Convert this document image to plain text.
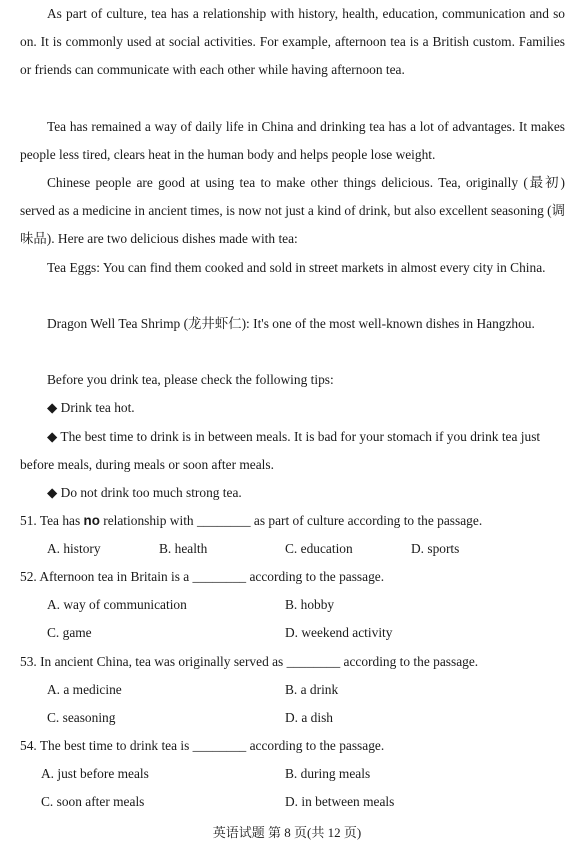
As part of culture, tea has a relationship with history, health, education, communication and so on. It is commonly used at social activities. For example, afternoon tea is a British custom. Families or friends can communicate with each other while having afternoon tea.

Tea has remained a way of daily life in China and drinking tea has a lot of advantages. It makes people less tired, clears heat in the human body and helps people lose weight.

Chinese people are good at using tea to make other things delicious. Tea, originally (最初) served as a medicine in ancient times, is now not just a kind of drink, but also excellent seasoning (调味品). Here are two delicious dishes made with tea:

Tea Eggs: You can find them cooked and sold in street markets in almost every city in China.

Dragon Well Tea Shrimp (龙井虾仁): It's one of the most well-known dishes in Hangzhou.

Before you drink tea, please check the following tips:

◆ Drink tea hot.

◆ The best time to drink is in between meals. It is bad for your stomach if you drink tea just before meals, during meals or soon after meals.

◆ Do not drink too much strong tea.

51. Tea has no relationship with ________ as part of culture according to the passage.

A. history	B. health	C. education	D. sports

52. Afternoon tea in Britain is a ________ according to the passage.

A. way of communication	B. hobby
C. game	D. weekend activity

53. In ancient China, tea was originally served as ________ according to the passage.

A. a medicine	B. a drink
C. seasoning	D. a dish

54. The best time to drink tea is ________ according to the passage.

A. just before meals	B. during meals
C. soon after meals	D. in between meals
英语试题 第 8 页(共 12 页)
